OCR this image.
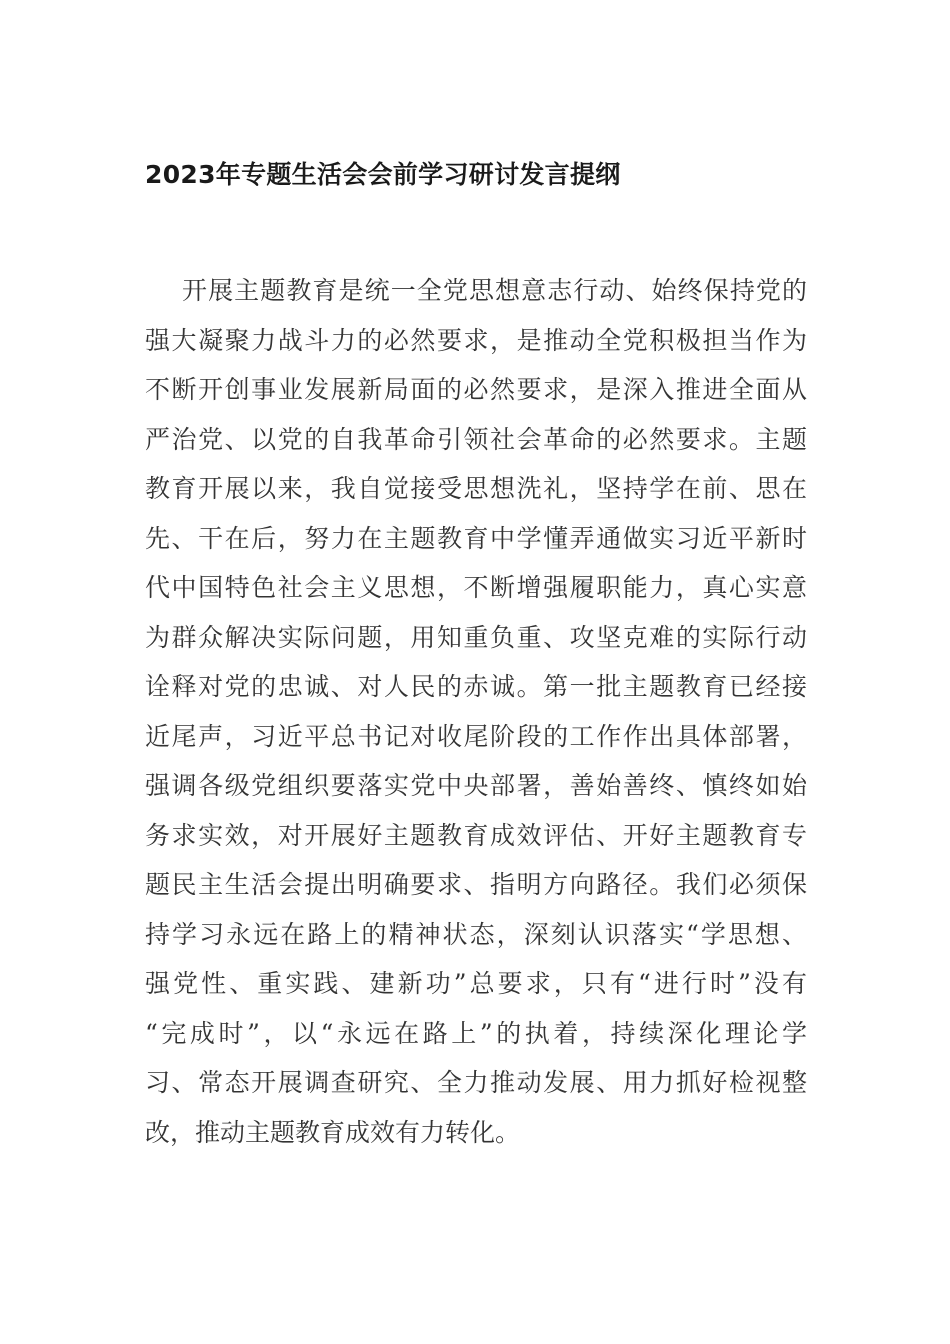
2023年专题生活会会前学习研讨发言提纲
开展主题教育是统一全党思想意志行动、始终保持党的
强大凝聚力战斗力的必然要求，是推动全党积极担当作为
不断开创事业发展新局面的必然要求，是深入推进全面从
严治党、以党的自我革命引领社会革命的必然要求。主题
教育开展以来，我自觉接受思想洗礼，坚持学在前、思在
先、干在后，努力在主题教育中学懂弄通做实习近平新时
代中国特色社会主义思想，不断增强履职能力，真心实意
为群众解决实际问题，用知重负重、攻坚克难的实际行动
诠释对党的忠诚、对人民的赤诚。第一批主题教育已经接
近尾声，习近平总书记对收尾阶段的工作作出具体部署，
强调各级党组织要落实党中央部署，善始善终、慎终如始
务求实效，对开展好主题教育成效评估、开好主题教育专
题民主生活会提出明确要求、指明方向路径。我们必须保
持学习永远在路上的精神状态，深刻认识落实“学思想、
强党性、重实践、建新功”总要求，只有“进行时”没有
“完成时”，以“永远在路上”的执着，持续深化理论学
习、常态开展调查研究、全力推动发展、用力抓好检视整
改，推动主题教育成效有力转化。
